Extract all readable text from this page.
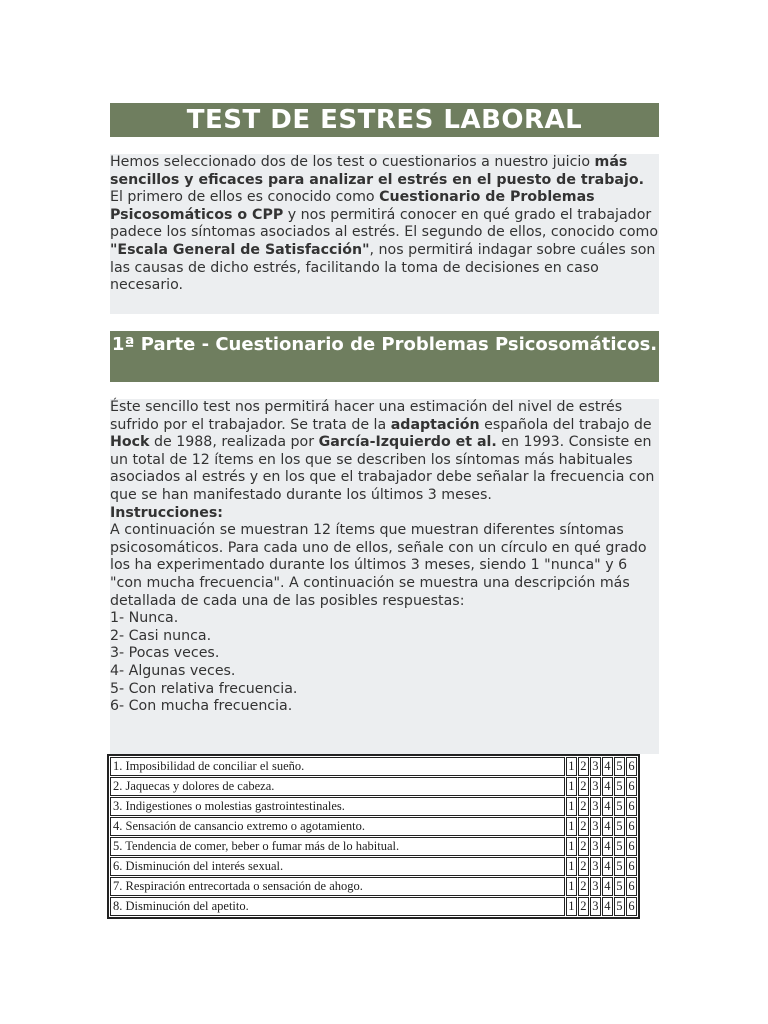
TEST DE ESTRES LABORAL

Hemos seleccionado dos de los test o cuestionarios a nuestro juicio más sencillos y eficaces para analizar el estrés en el puesto de trabajo.

El primero de ellos es conocido como Cuestionario de Problemas Psicosomáticos o CPP y nos permitirá conocer en qué grado el trabajador padece los síntomas asociados al estrés. El segundo de ellos, conocido como "Escala General de Satisfacción", nos permitirá indagar sobre cuáles son las causas de dicho estrés, facilitando la toma de decisiones en caso necesario.

1ª Parte - Cuestionario de Problemas Psicosomáticos.

Éste sencillo test nos permitirá hacer una estimación del nivel de estrés sufrido por el trabajador. Se trata de la adaptación española del trabajo de Hock de 1988, realizada por García-Izquierdo et al. en 1993. Consiste en un total de 12 ítems en los que se describen los síntomas más habituales asociados al estrés y en los que el trabajador debe señalar la frecuencia con que se han manifestado durante los últimos 3 meses.

Instrucciones:

A continuación se muestran 12 ítems que muestran diferentes síntomas psicosomáticos. Para cada uno de ellos, señale con un círculo en qué grado los ha experimentado durante los últimos 3 meses, siendo 1 "nunca" y 6 "con mucha frecuencia". A continuación se muestra una descripción más detallada de cada una de las posibles respuestas:

1- Nunca.
2- Casi nunca.
3- Pocas veces.
4- Algunas veces.
5- Con relativa frecuencia.
6- Con mucha frecuencia.
1. Imposibilidad de conciliar el sueño.	1	2	3	4	5	6
2. Jaquecas y dolores de cabeza.	1	2	3	4	5	6
3. Indigestiones o molestias gastrointestinales.	1	2	3	4	5	6
4. Sensación de cansancio extremo o agotamiento.	1	2	3	4	5	6
5. Tendencia de comer, beber o fumar más de lo habitual.	1	2	3	4	5	6
6. Disminución del interés sexual.	1	2	3	4	5	6
7. Respiración entrecortada o sensación de ahogo.	1	2	3	4	5	6
8. Disminución del apetito.	1	2	3	4	5	6
